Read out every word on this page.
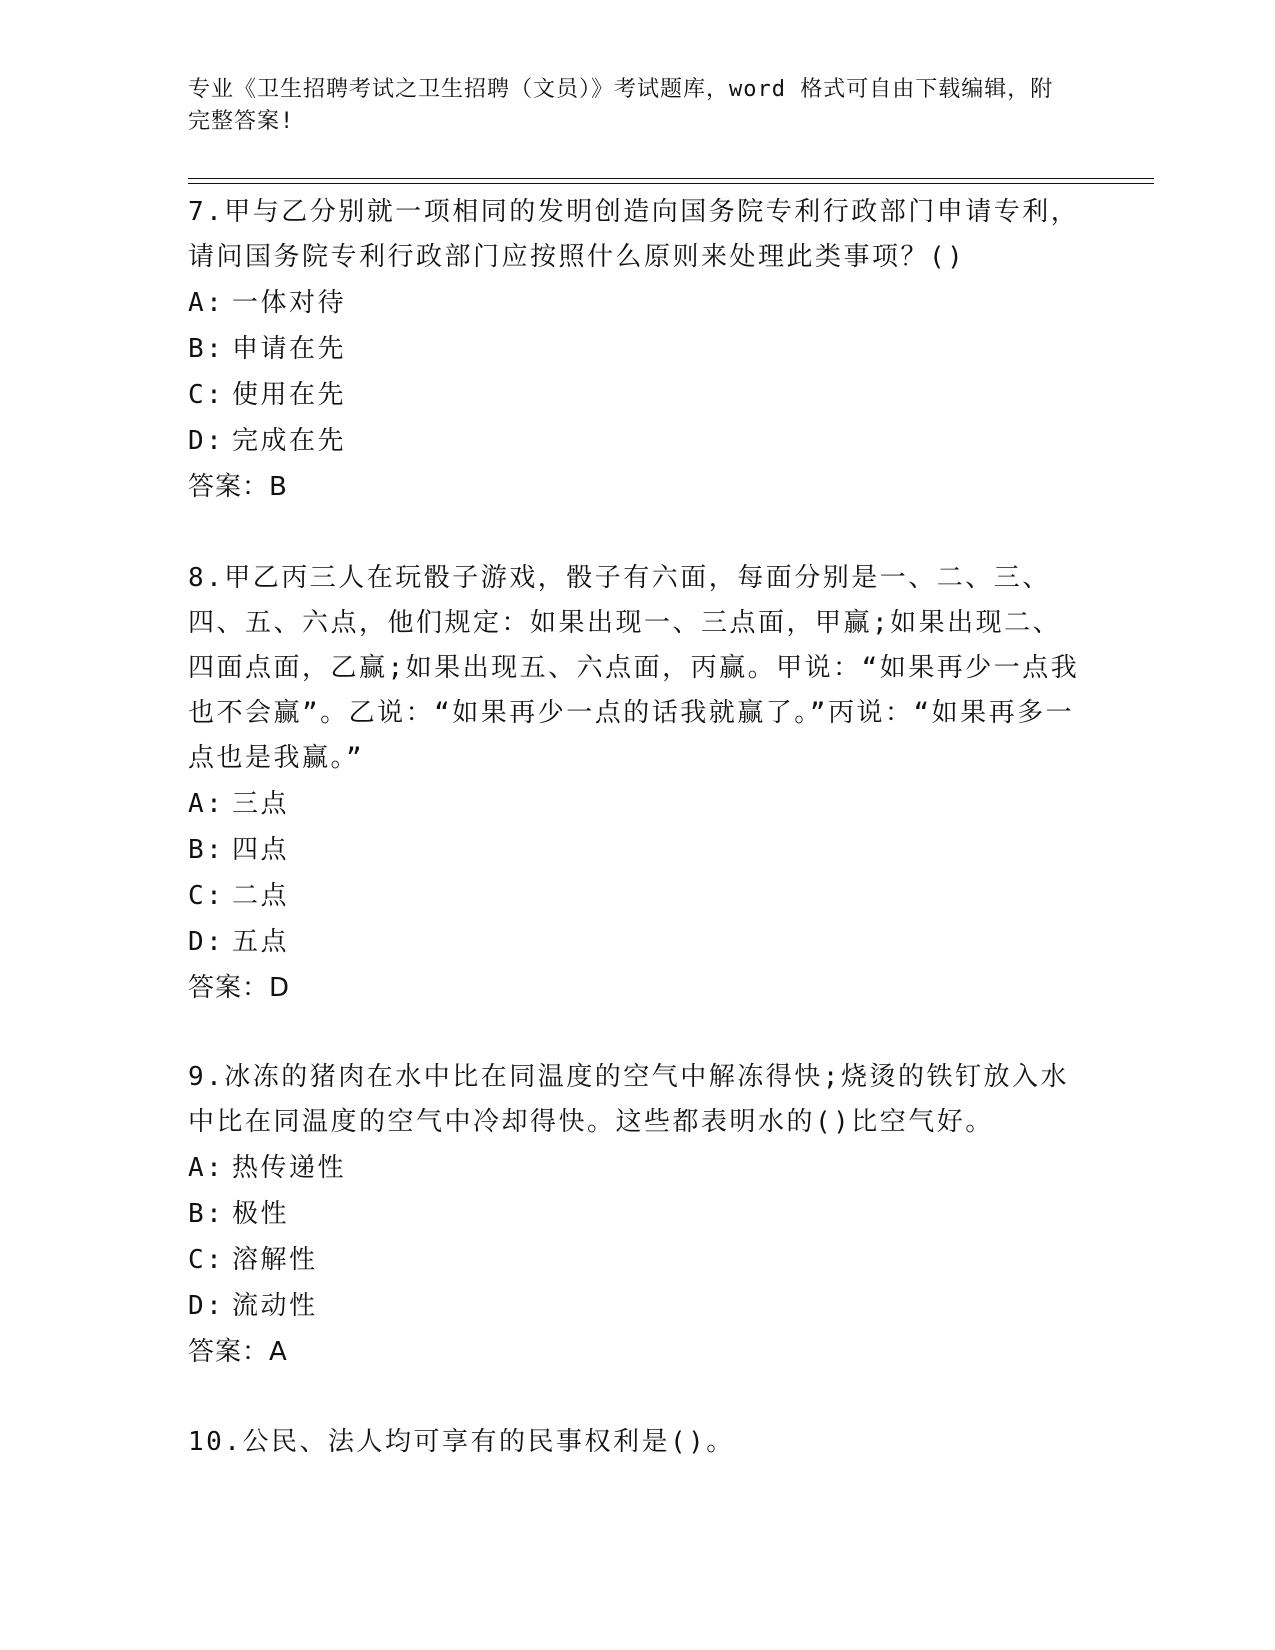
专业《卫生招聘考试之卫生招聘（文员）》考试题库，word 格式可自由下载编辑，附完整答案!
7.甲与乙分别就一项相同的发明创造向国务院专利行政部门申请专利，请问国务院专利行政部门应按照什么原则来处理此类事项？()
A: 一体对待
B: 申请在先
C: 使用在先
D: 完成在先
答案：B
8.甲乙丙三人在玩骰子游戏，骰子有六面，每面分别是一、二、三、四、五、六点，他们规定：如果出现一、三点面，甲赢;如果出现二、四面点面，乙赢;如果出现五、六点面，丙赢。甲说：“如果再少一点我也不会赢”。乙说：“如果再少一点的话我就赢了。”丙说：“如果再多一点也是我赢。”
A: 三点
B: 四点
C: 二点
D: 五点
答案：D
9.冰冻的猪肉在水中比在同温度的空气中解冻得快;烧烫的铁钉放入水中比在同温度的空气中冷却得快。这些都表明水的()比空气好。
A: 热传递性
B: 极性
C: 溶解性
D: 流动性
答案：A
10.公民、法人均可享有的民事权利是()。
